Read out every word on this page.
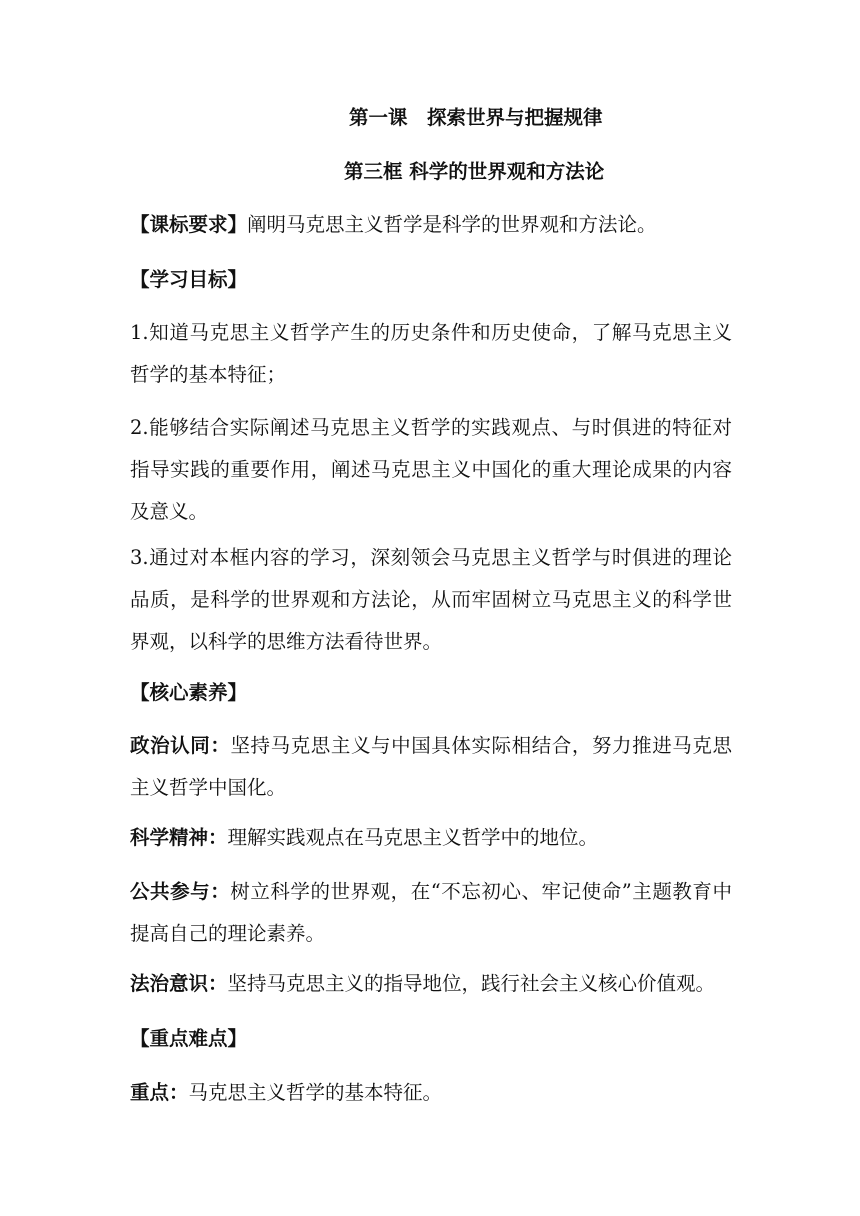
第一课　探索世界与把握规律
第三框 科学的世界观和方法论
【课标要求】阐明马克思主义哲学是科学的世界观和方法论。
【学习目标】
1.知道马克思主义哲学产生的历史条件和历史使命，了解马克思主义哲学的基本特征；
2.能够结合实际阐述马克思主义哲学的实践观点、与时俱进的特征对指导实践的重要作用，阐述马克思主义中国化的重大理论成果的内容及意义。
3.通过对本框内容的学习，深刻领会马克思主义哲学与时俱进的理论品质，是科学的世界观和方法论，从而牢固树立马克思主义的科学世界观，以科学的思维方法看待世界。
【核心素养】
政治认同：坚持马克思主义与中国具体实际相结合，努力推进马克思主义哲学中国化。
科学精神：理解实践观点在马克思主义哲学中的地位。
公共参与：树立科学的世界观，在“不忘初心、牢记使命”主题教育中提高自己的理论素养。
法治意识：坚持马克思主义的指导地位，践行社会主义核心价值观。
【重点难点】
重点：马克思主义哲学的基本特征。
